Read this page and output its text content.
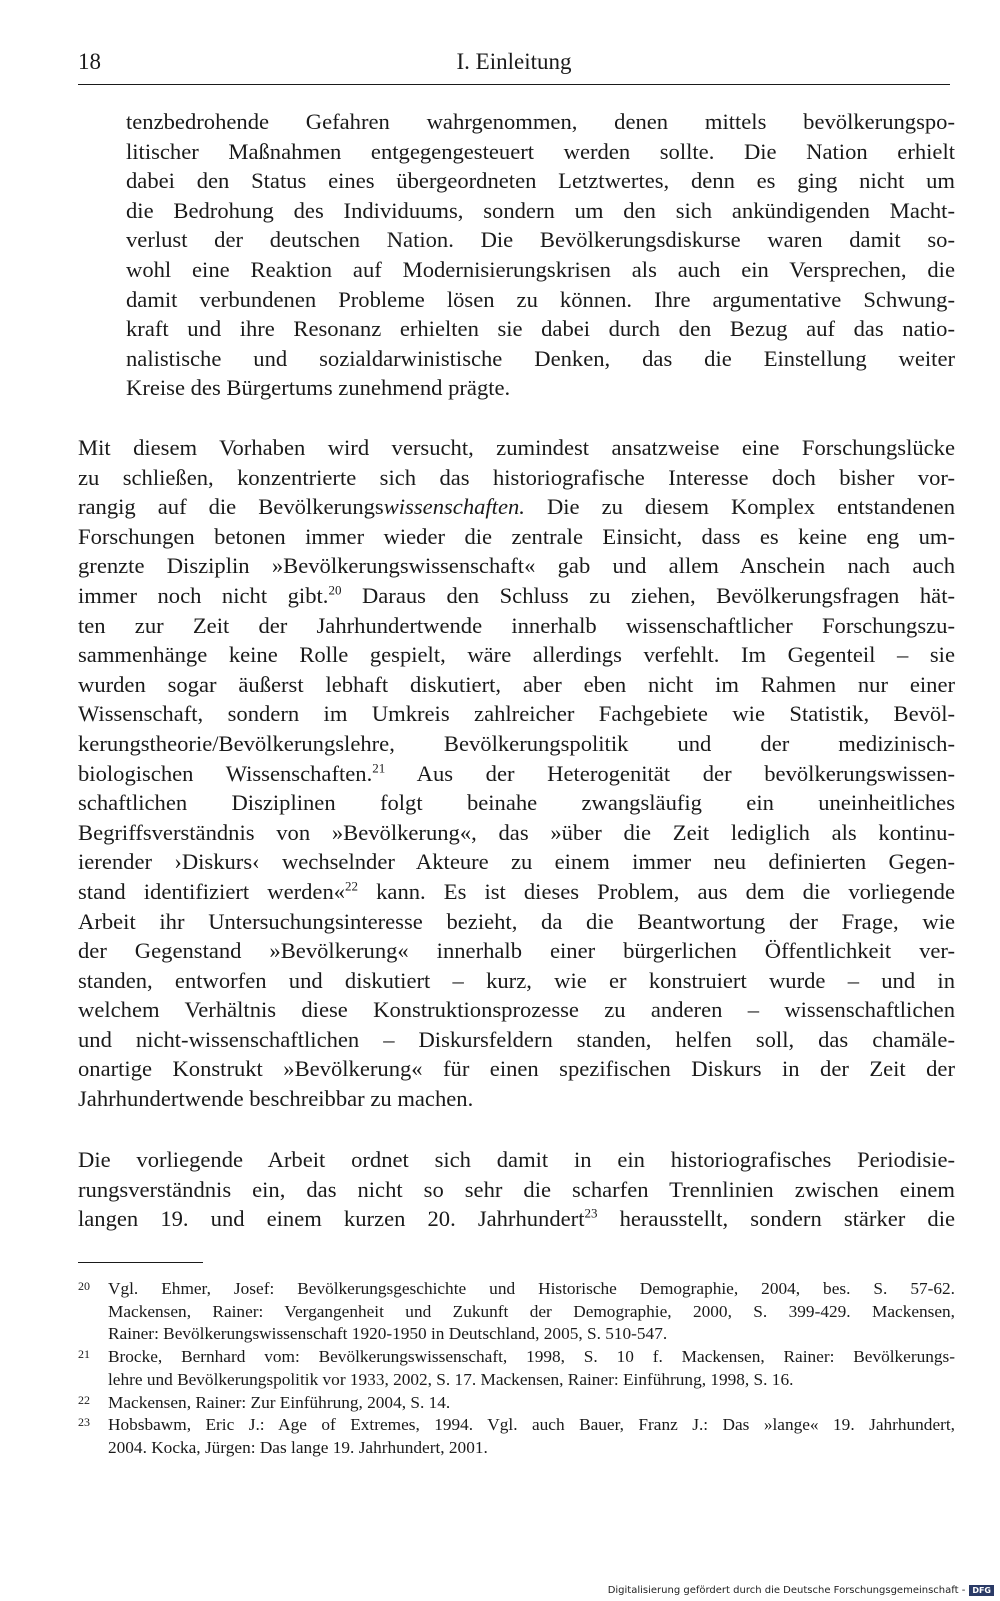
18	I. Einleitung
tenzbedrohende Gefahren wahrgenommen, denen mittels bevölkerungspo-
litischer Maßnahmen entgegengesteuert werden sollte. Die Nation erhielt
dabei den Status eines übergeordneten Letztwertes, denn es ging nicht um
die Bedrohung des Individuums, sondern um den sich ankündigenden Macht-
verlust der deutschen Nation. Die Bevölkerungsdiskurse waren damit so-
wohl eine Reaktion auf Modernisierungskrisen als auch ein Versprechen, die
damit verbundenen Probleme lösen zu können. Ihre argumentative Schwung-
kraft und ihre Resonanz erhielten sie dabei durch den Bezug auf das natio-
nalistische und sozialdarwinistische Denken, das die Einstellung weiter
Kreise des Bürgertums zunehmend prägte.
Mit diesem Vorhaben wird versucht, zumindest ansatzweise eine Forschungslücke
zu schließen, konzentrierte sich das historiografische Interesse doch bisher vor-
rangig auf die Bevölkerungswissenschaften. Die zu diesem Komplex entstandenen
Forschungen betonen immer wieder die zentrale Einsicht, dass es keine eng um-
grenzte Disziplin »Bevölkerungswissenschaft« gab und allem Anschein nach auch
immer noch nicht gibt.$^{20}$ Daraus den Schluss zu ziehen, Bevölkerungsfragen hät-
ten zur Zeit der Jahrhundertwende innerhalb wissenschaftlicher Forschungszu-
sammenhänge keine Rolle gespielt, wäre allerdings verfehlt. Im Gegenteil – sie
wurden sogar äußerst lebhaft diskutiert, aber eben nicht im Rahmen nur einer
Wissenschaft, sondern im Umkreis zahlreicher Fachgebiete wie Statistik, Bevöl-
kerungstheorie/Bevölkerungslehre, Bevölkerungspolitik und der medizinisch-
biologischen Wissenschaften.$^{21}$ Aus der Heterogenität der bevölkerungswissen-
schaftlichen Disziplinen folgt beinahe zwangsläufig ein uneinheitliches
Begriffsverständnis von »Bevölkerung«, das »über die Zeit lediglich als kontinu-
ierender ›Diskurs‹ wechselnder Akteure zu einem immer neu definierten Gegen-
stand identifiziert werden«$^{22}$ kann. Es ist dieses Problem, aus dem die vorliegende
Arbeit ihr Untersuchungsinteresse bezieht, da die Beantwortung der Frage, wie
der Gegenstand »Bevölkerung« innerhalb einer bürgerlichen Öffentlichkeit ver-
standen, entworfen und diskutiert – kurz, wie er konstruiert wurde – und in
welchem Verhältnis diese Konstruktionsprozesse zu anderen – wissenschaftlichen
und nicht-wissenschaftlichen – Diskursfeldern standen, helfen soll, das chamäle-
onartige Konstrukt »Bevölkerung« für einen spezifischen Diskurs in der Zeit der
Jahrhundertwende beschreibbar zu machen.
Die vorliegende Arbeit ordnet sich damit in ein historiografisches Periodisie-
rungsverständnis ein, das nicht so sehr die scharfen Trennlinien zwischen einem
langen 19. und einem kurzen 20. Jahrhundert$^{23}$ herausstellt, sondern stärker die
20 Vgl. Ehmer, Josef: Bevölkerungsgeschichte und Historische Demographie, 2004, bes. S. 57-62.
Mackensen, Rainer: Vergangenheit und Zukunft der Demographie, 2000, S. 399-429. Mackensen,
Rainer: Bevölkerungswissenschaft 1920-1950 in Deutschland, 2005, S. 510-547.
21 Brocke, Bernhard vom: Bevölkerungswissenschaft, 1998, S. 10 f. Mackensen, Rainer: Bevölkerungs-
lehre und Bevölkerungspolitik vor 1933, 2002, S. 17. Mackensen, Rainer: Einführung, 1998, S. 16.
22 Mackensen, Rainer: Zur Einführung, 2004, S. 14.
23 Hobsbawm, Eric J.: Age of Extremes, 1994. Vgl. auch Bauer, Franz J.: Das »lange« 19. Jahrhundert,
2004. Kocka, Jürgen: Das lange 19. Jahrhundert, 2001.
Digitalisierung gefördert durch die Deutsche Forschungsgemeinschaft - DFG
